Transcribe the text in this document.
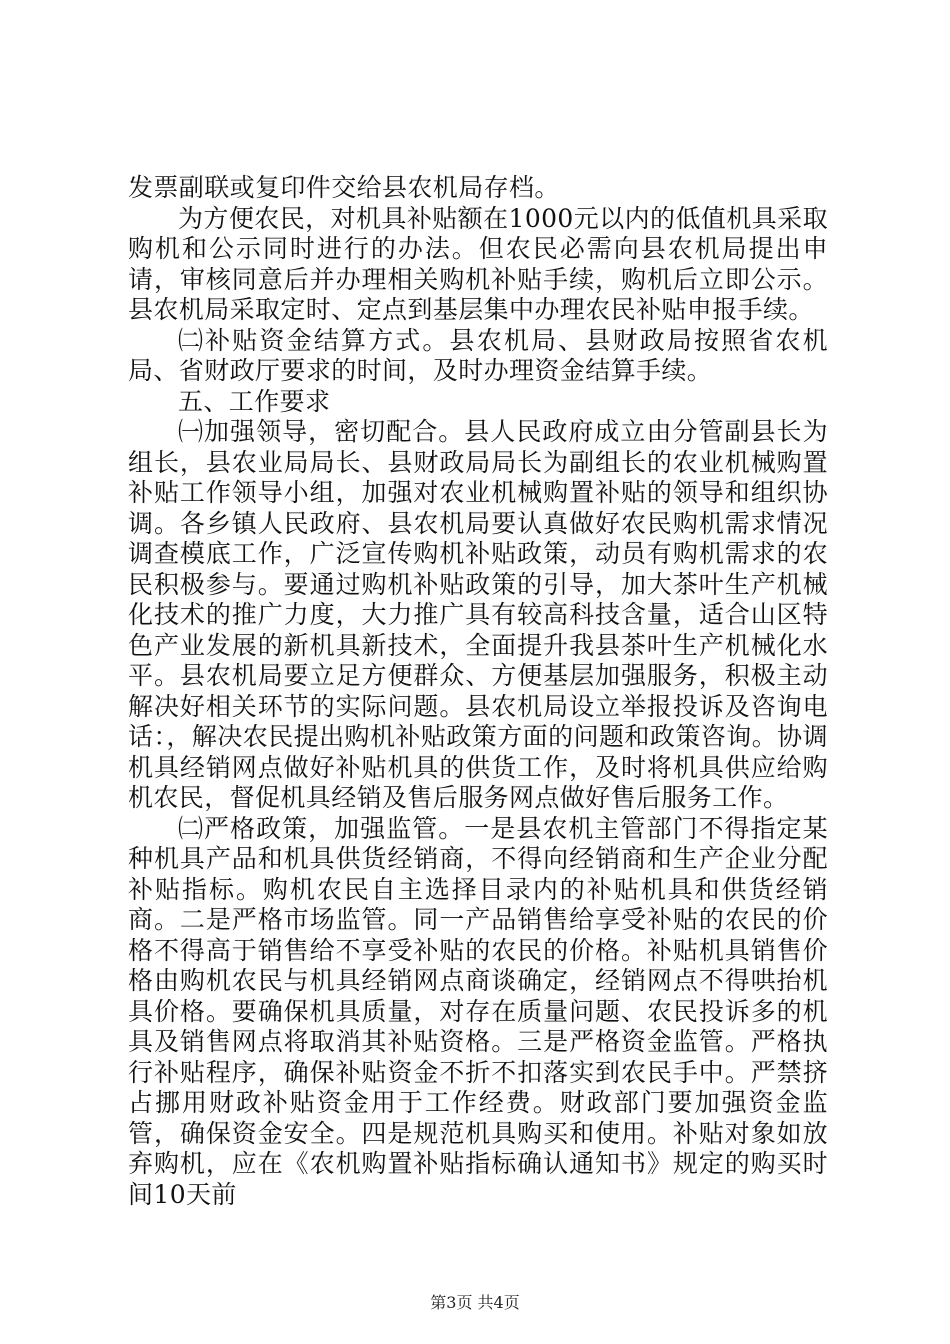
发票副联或复印件交给县农机局存档。

为方便农民，对机具补贴额在1000元以内的低值机具采取购机和公示同时进行的办法。但农民必需向县农机局提出申请，审核同意后并办理相关购机补贴手续，购机后立即公示。县农机局采取定时、定点到基层集中办理农民补贴申报手续。

㈡补贴资金结算方式。县农机局、县财政局按照省农机局、省财政厅要求的时间，及时办理资金结算手续。

五、工作要求

㈠加强领导，密切配合。县人民政府成立由分管副县长为组长，县农业局局长、县财政局局长为副组长的农业机械购置补贴工作领导小组，加强对农业机械购置补贴的领导和组织协调。各乡镇人民政府、县农机局要认真做好农民购机需求情况调查模底工作，广泛宣传购机补贴政策，动员有购机需求的农民积极参与。要通过购机补贴政策的引导，加大茶叶生产机械化技术的推广力度，大力推广具有较高科技含量，适合山区特色产业发展的新机具新技术，全面提升我县茶叶生产机械化水平。县农机局要立足方便群众、方便基层加强服务，积极主动解决好相关环节的实际问题。县农机局设立举报投诉及咨询电话：，解决农民提出购机补贴政策方面的问题和政策咨询。协调机具经销网点做好补贴机具的供货工作，及时将机具供应给购机农民，督促机具经销及售后服务网点做好售后服务工作。

㈡严格政策，加强监管。一是县农机主管部门不得指定某种机具产品和机具供货经销商，不得向经销商和生产企业分配补贴指标。购机农民自主选择目录内的补贴机具和供货经销商。二是严格市场监管。同一产品销售给享受补贴的农民的价格不得高于销售给不享受补贴的农民的价格。补贴机具销售价格由购机农民与机具经销网点商谈确定，经销网点不得哄抬机具价格。要确保机具质量，对存在质量问题、农民投诉多的机具及销售网点将取消其补贴资格。三是严格资金监管。严格执行补贴程序，确保补贴资金不折不扣落实到农民手中。严禁挤占挪用财政补贴资金用于工作经费。财政部门要加强资金监管，确保资金安全。四是规范机具购买和使用。补贴对象如放弃购机，应在《农机购置补贴指标确认通知书》规定的购买时间10天前

第3页 共4页
